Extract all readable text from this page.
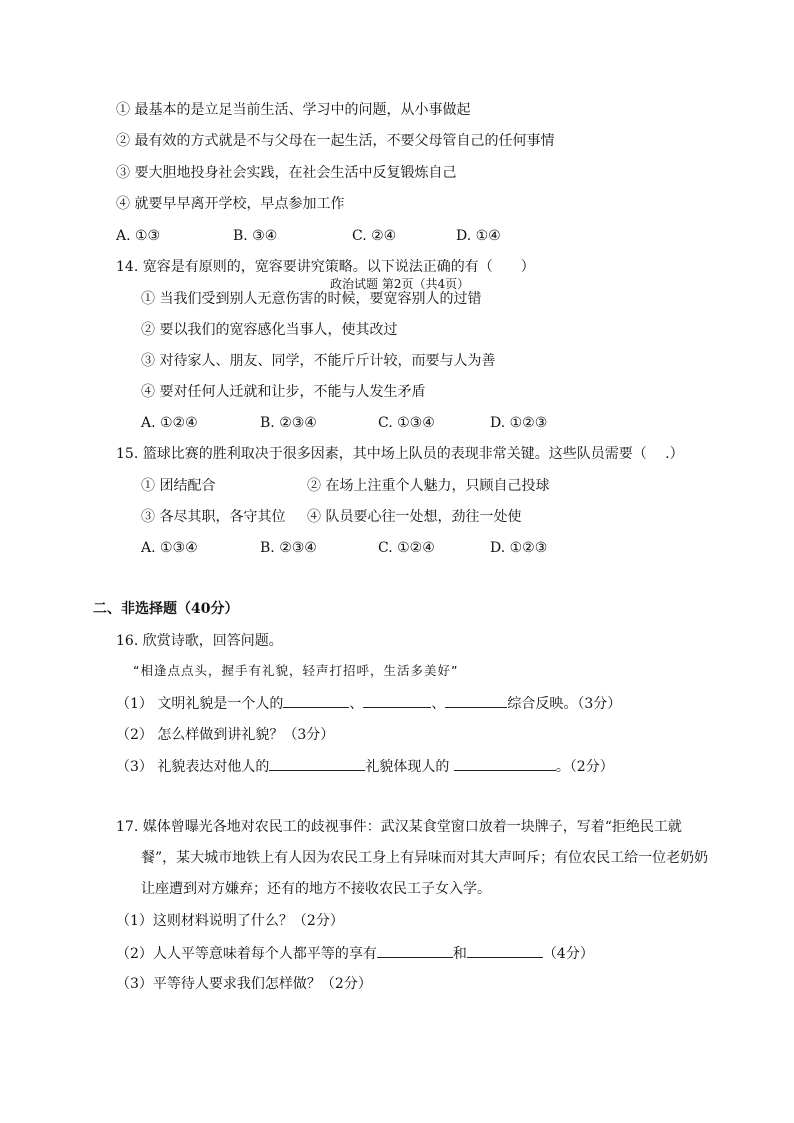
① 最基本的是立足当前生活、学习中的问题，从小事做起
② 最有效的方式就是不与父母在一起生活，不要父母管自己的任何事情
③ 要大胆地投身社会实践，在社会生活中反复锻炼自己
④ 就要早早离开学校，早点参加工作
A. ①③	B. ③④	C. ②④	D. ①④
14. 宽容是有原则的，宽容要讲究策略。以下说法正确的有（　　）
政治试题 第2页（共4页）
① 当我们受到别人无意伤害的时候，要宽容别人的过错
② 要以我们的宽容感化当事人，使其改过
③ 对待家人、朋友、同学，不能斤斤计较，而要与人为善
④ 要对任何人迁就和让步，不能与人发生矛盾
A. ①②④	B. ②③④	C. ①③④	D. ①②③
15. 篮球比赛的胜利取决于很多因素，其中场上队员的表现非常关键。这些队员需要（　 .）
① 团结配合	② 在场上注重个人魅力，只顾自己投球
③ 各尽其职，各守其位 ④ 队员要心往一处想，劲往一处使
A. ①③④	B. ②③④	C. ①②④	D. ①②③
二、非选择题（40分）
16. 欣赏诗歌，回答问题。
“相逢点点头，握手有礼貌，轻声打招呼，生活多美好”
（1） 文明礼貌是一个人的	、	、	综合反映。（3分）
（2） 怎么样做到讲礼貌？（3分）
（3） 礼貌表达对他人的	礼貌体现人的	。（2分）
17. 媒体曾曝光各地对农民工的歧视事件：武汉某食堂窗口放着一块牌子，写着“拒绝民工就
餐”，某大城市地铁上有人因为农民工身上有异味而对其大声呵斥；有位农民工给一位老奶奶
让座遭到对方嫌弃；还有的地方不接收农民工子女入学。
（1）这则材料说明了什么？（2分）
（2）人人平等意味着每个人都平等的享有	和	（4分）
（3）平等待人要求我们怎样做？（2分）
